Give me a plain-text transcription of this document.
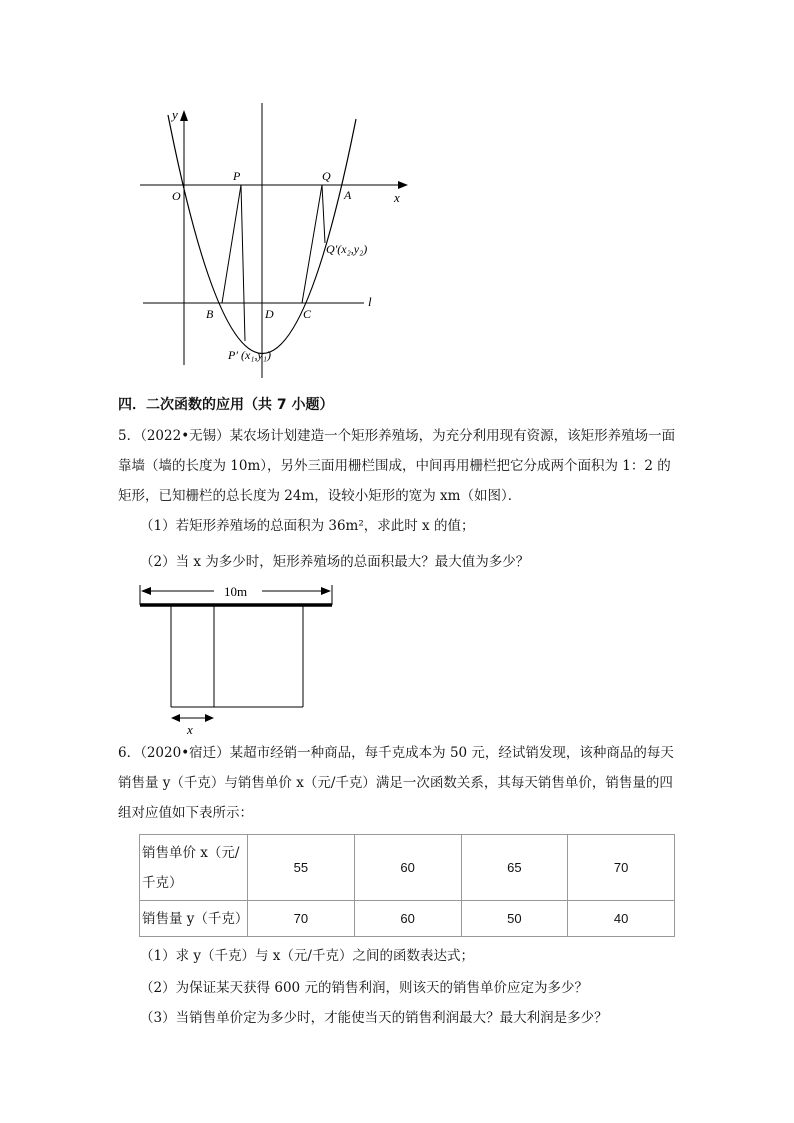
y
x
O
P	Q
A
Q′(x₂,y₂)
l
B	D C
P′ (x₁,y₁)
10m
x
四．二次函数的应用（共 7 小题）
5．（2022•无锡）某农场计划建造一个矩形养殖场，为充分利用现有资源，该矩形养殖场一面靠墙（墙的长度为 10m），另外三面用栅栏围成，中间再用栅栏把它分成两个面积为 1：2 的矩形，已知栅栏的总长度为 24m，设较小矩形的宽为 xm（如图）．
（1）若矩形养殖场的总面积为 36m²，求此时 x 的值；
（2）当 x 为多少时，矩形养殖场的总面积最大？最大值为多少？
6．（2020•宿迁）某超市经销一种商品，每千克成本为 50 元，经试销发现，该种商品的每天销售量 y（千克）与销售单价 x（元/千克）满足一次函数关系，其每天销售单价，销售量的四组对应值如下表所示：
销售单价 x（元/千克）	55	60	65	70
销售量 y（千克）	70	60	50	40
（1）求 y（千克）与 x（元/千克）之间的函数表达式；
（2）为保证某天获得 600 元的销售利润，则该天的销售单价应定为多少？
（3）当销售单价定为多少时，才能使当天的销售利润最大？最大利润是多少？
